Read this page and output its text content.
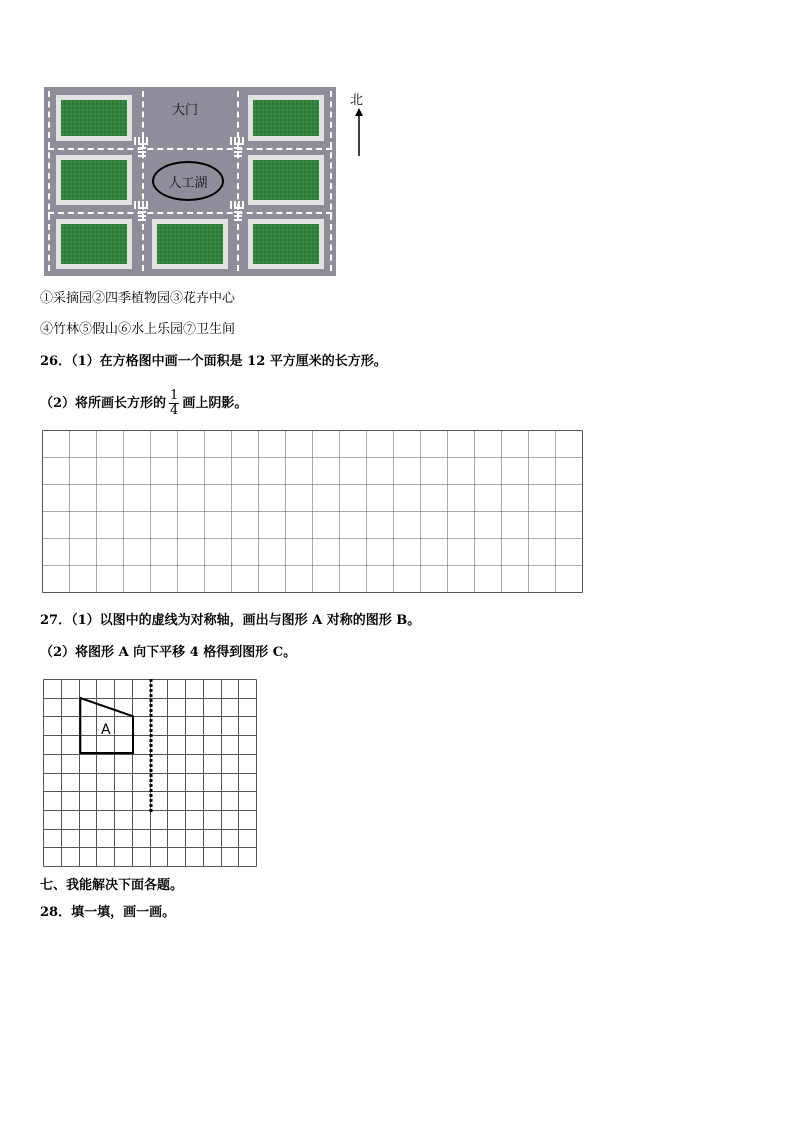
大门
人工湖
北
①采摘园②四季植物园③花卉中心
④竹林⑤假山⑥水上乐园⑦卫生间
26．（1）在方格图中画一个面积是 12 平方厘米的长方形。
（2）将所画长方形的 $\frac{1}{4}$ 画上阴影。
27．（1）以图中的虚线为对称轴，画出与图形 A 对称的图形 B。
（2）将图形 A 向下平移 4 格得到图形 C。
A
七、我能解决下面各题。
28．填一填，画一画。
